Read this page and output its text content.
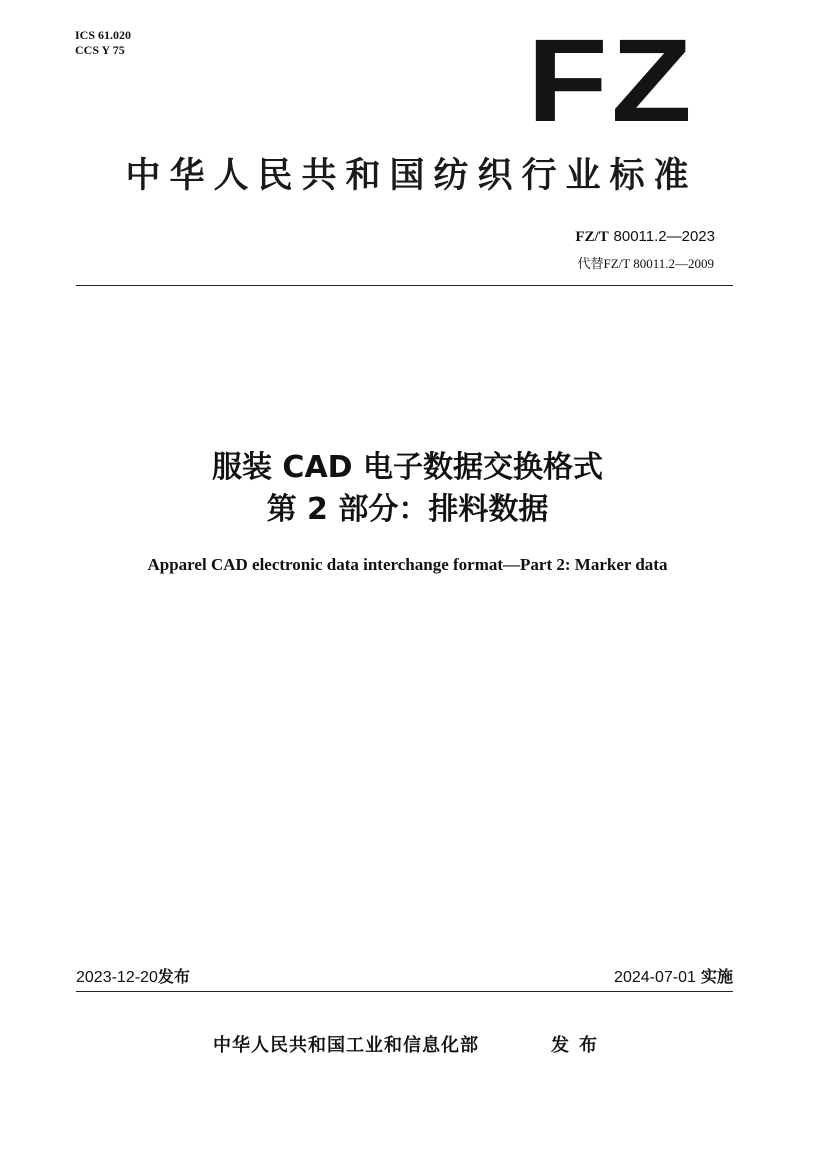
ICS 61.020
CCS Y 75	FZ
中华人民共和国纺织行业标准
FZ/T 80011.2—2023
代替FZ/T 80011.2—2009
服装 CAD 电子数据交换格式
第 2 部分：排料数据
Apparel CAD electronic data interchange format—Part 2: Marker data
2023-12-20发布	2024-07-01 实施
中华人民共和国工业和信息化部	发布
